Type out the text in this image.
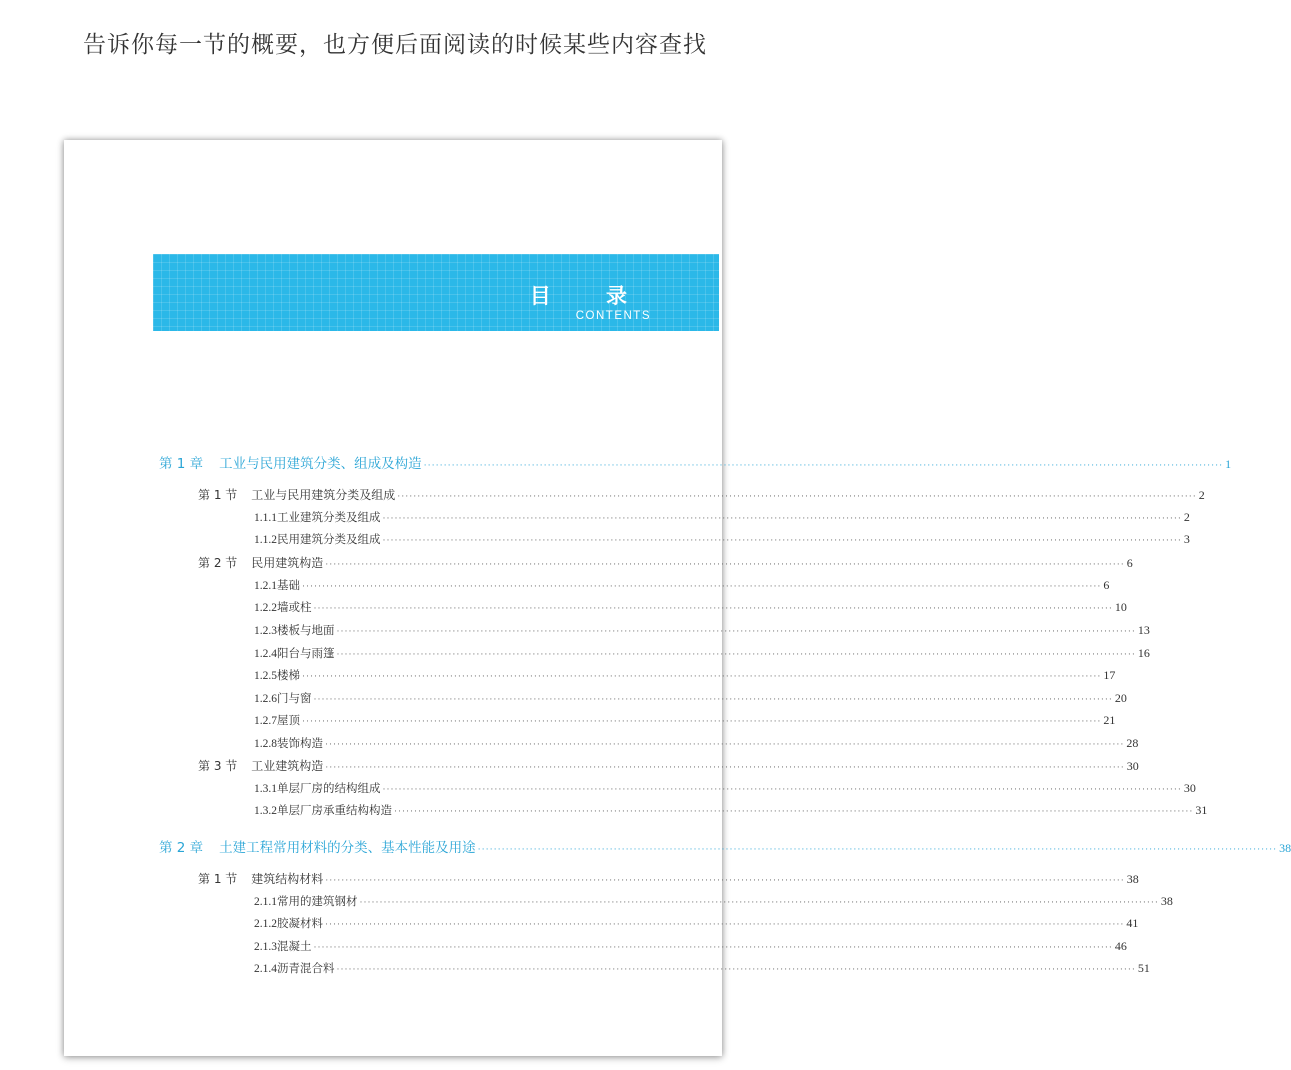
告诉你每一节的概要，也方便后面阅读的时候某些内容查找
目 录
CONTENTS
第 1 章 工业与民用建筑分类、组成及构造 ········································································································································································································ 1
第 1 节 工业与民用建筑分类及组成 ········································································································································································································ 2
1.1.1 工业建筑分类及组成 ········································································································································································································ 2
1.1.2 民用建筑分类及组成 ········································································································································································································ 3
第 2 节 民用建筑构造 ········································································································································································································ 6
1.2.1 基础 ········································································································································································································ 6
1.2.2 墙或柱 ········································································································································································································ 10
1.2.3 楼板与地面 ········································································································································································································ 13
1.2.4 阳台与雨篷 ········································································································································································································ 16
1.2.5 楼梯 ········································································································································································································ 17
1.2.6 门与窗 ········································································································································································································ 20
1.2.7 屋顶 ········································································································································································································ 21
1.2.8 装饰构造 ········································································································································································································ 28
第 3 节 工业建筑构造 ········································································································································································································ 30
1.3.1 单层厂房的结构组成 ········································································································································································································ 30
1.3.2 单层厂房承重结构构造 ········································································································································································································ 31
第 2 章 土建工程常用材料的分类、基本性能及用途 ········································································································································································································ 38
第 1 节 建筑结构材料 ········································································································································································································ 38
2.1.1 常用的建筑钢材 ········································································································································································································ 38
2.1.2 胶凝材料 ········································································································································································································ 41
2.1.3 混凝土 ········································································································································································································ 46
2.1.4 沥青混合料 ········································································································································································································ 51
